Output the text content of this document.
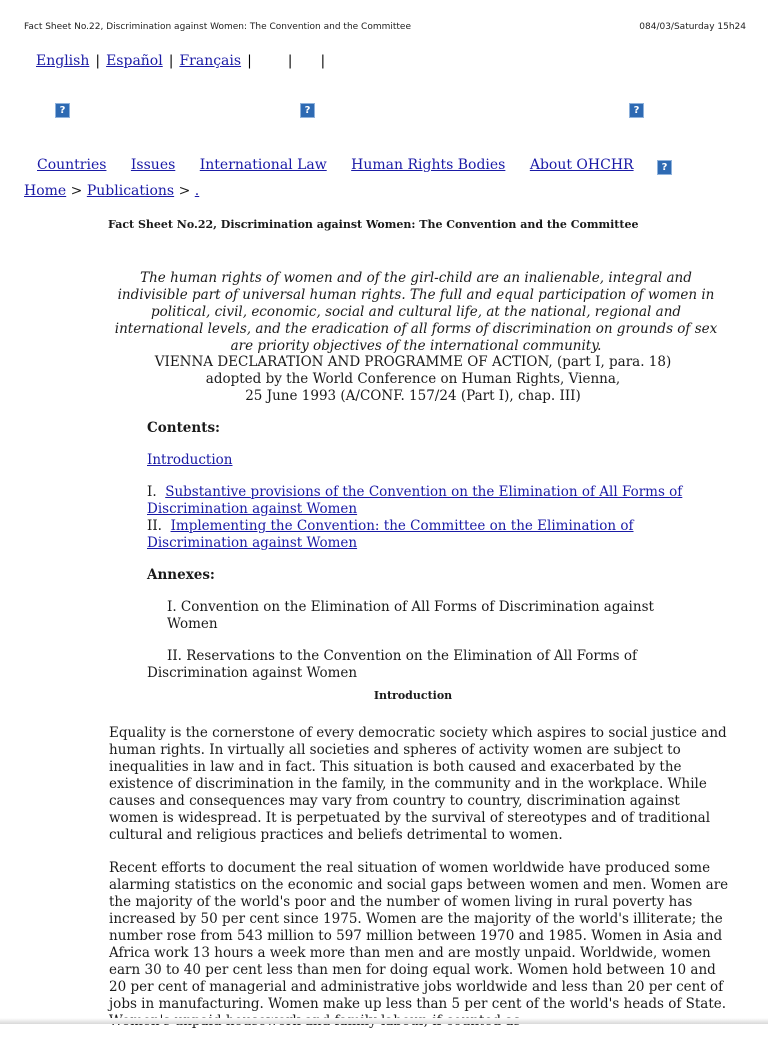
Fact Sheet No.22, Discrimination against Women: The Convention and the Committee	084/03/Saturday 15h24
English | Español | Français |	| |
?	?	?
Countries Issues International Law Human Rights Bodies About OHCHR	?
Home > Publications > .
Fact Sheet No.22, Discrimination against Women: The Convention and the Committee
The human rights of women and of the girl-child are an inalienable, integral and indivisible part of universal human rights. The full and equal participation of women in political, civil, economic, social and cultural life, at the national, regional and international levels, and the eradication of all forms of discrimination on grounds of sex are priority objectives of the international community.
VIENNA DECLARATION AND PROGRAMME OF ACTION, (part I, para. 18)
adopted by the World Conference on Human Rights, Vienna,
25 June 1993 (A/CONF. 157/24 (Part I), chap. III)

Contents:

Introduction

I. Substantive provisions of the Convention on the Elimination of All Forms of Discrimination against Women

II. Implementing the Convention: the Committee on the Elimination of Discrimination against Women

Annexes:

I. Convention on the Elimination of All Forms of Discrimination against Women

II. Reservations to the Convention on the Elimination of All Forms of Discrimination against Women

Introduction

Equality is the cornerstone of every democratic society which aspires to social justice and human rights. In virtually all societies and spheres of activity women are subject to inequalities in law and in fact. This situation is both caused and exacerbated by the existence of discrimination in the family, in the community and in the workplace. While causes and consequences may vary from country to country, discrimination against women is widespread. It is perpetuated by the survival of stereotypes and of traditional cultural and religious practices and beliefs detrimental to women.

Recent efforts to document the real situation of women worldwide have produced some alarming statistics on the economic and social gaps between women and men. Women are the majority of the world's poor and the number of women living in rural poverty has increased by 50 per cent since 1975. Women are the majority of the world's illiterate; the number rose from 543 million to 597 million between 1970 and 1985. Women in Asia and Africa work 13 hours a week more than men and are mostly unpaid. Worldwide, women earn 30 to 40 per cent less than men for doing equal work. Women hold between 10 and 20 per cent of managerial and administrative jobs worldwide and less than 20 per cent of jobs in manufacturing. Women make up less than 5 per cent of the world's heads of State.
